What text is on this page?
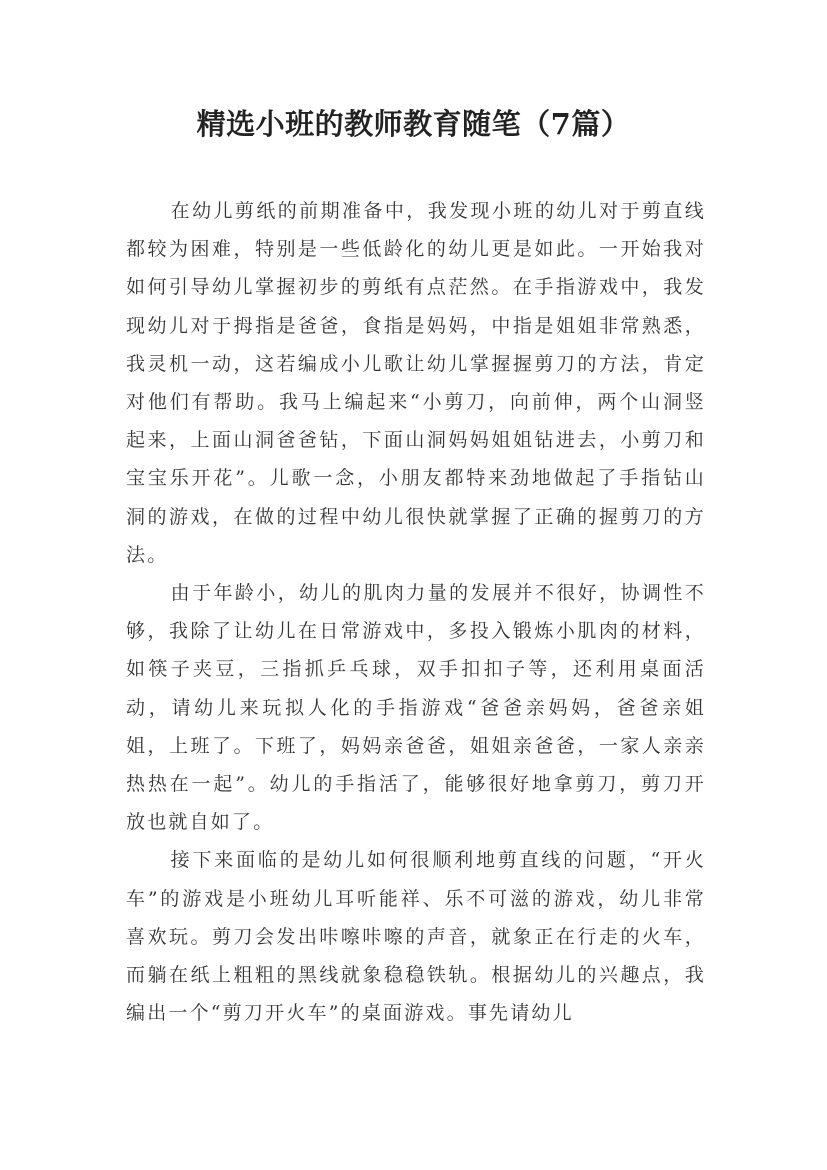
精选小班的教师教育随笔（7篇）

在幼儿剪纸的前期准备中，我发现小班的幼儿对于剪直线都较为困难，特别是一些低龄化的幼儿更是如此。一开始我对如何引导幼儿掌握初步的剪纸有点茫然。在手指游戏中，我发现幼儿对于拇指是爸爸，食指是妈妈，中指是姐姐非常熟悉，我灵机一动，这若编成小儿歌让幼儿掌握握剪刀的方法，肯定对他们有帮助。我马上编起来“小剪刀，向前伸，两个山洞竖起来，上面山洞爸爸钻，下面山洞妈妈姐姐钻进去，小剪刀和宝宝乐开花”。儿歌一念，小朋友都特来劲地做起了手指钻山洞的游戏，在做的过程中幼儿很快就掌握了正确的握剪刀的方法。

由于年龄小，幼儿的肌肉力量的发展并不很好，协调性不够，我除了让幼儿在日常游戏中，多投入锻炼小肌肉的材料，如筷子夹豆，三指抓乒乓球，双手扣扣子等，还利用桌面活动，请幼儿来玩拟人化的手指游戏“爸爸亲妈妈，爸爸亲姐姐，上班了。下班了，妈妈亲爸爸，姐姐亲爸爸，一家人亲亲热热在一起”。幼儿的手指活了，能够很好地拿剪刀，剪刀开放也就自如了。

接下来面临的是幼儿如何很顺利地剪直线的问题，“开火车”的游戏是小班幼儿耳听能祥、乐不可滋的游戏，幼儿非常喜欢玩。剪刀会发出咔嚓咔嚓的声音，就象正在行走的火车，而躺在纸上粗粗的黑线就象稳稳铁轨。根据幼儿的兴趣点，我编出一个“剪刀开火车”的桌面游戏。事先请幼儿
